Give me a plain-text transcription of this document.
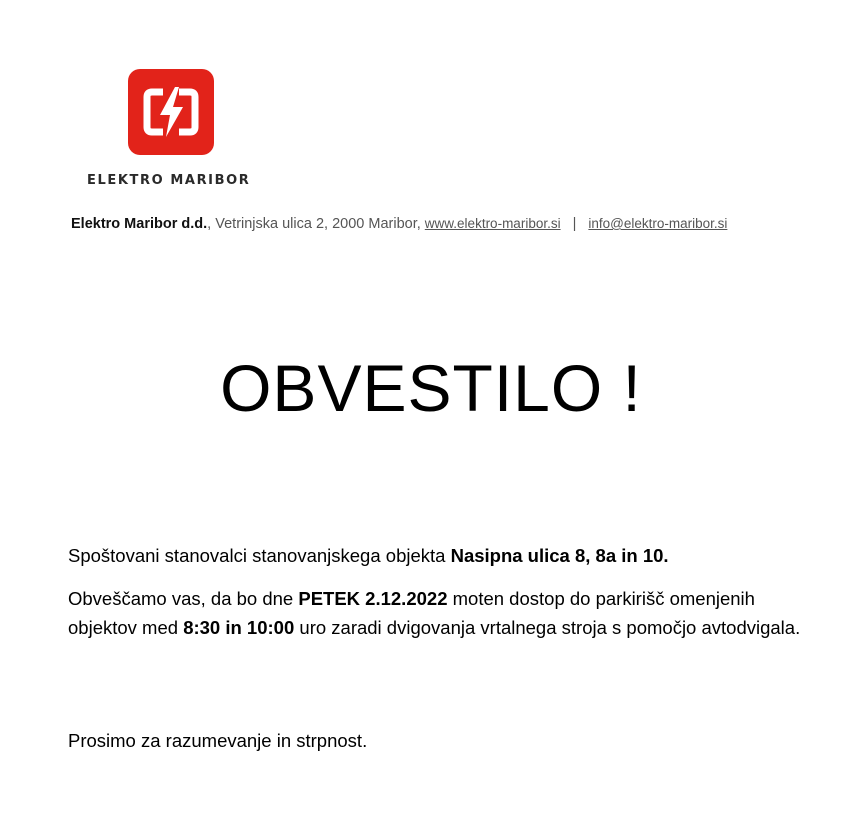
ELEKTRO MARIBOR
Elektro Maribor d.d., Vetrinjska ulica 2, 2000 Maribor, www.elektro-maribor.si | info@elektro-maribor.si
OBVESTILO !
Spoštovani stanovalci stanovanjskega objekta Nasipna ulica 8, 8a in 10.
Obveščamo vas, da bo dne PETEK 2.12.2022 moten dostop do parkirišč omenjenih objektov med 8:30 in 10:00 uro zaradi dvigovanja vrtalnega stroja s pomočjo avtodvigala.
Prosimo za razumevanje in strpnost.
